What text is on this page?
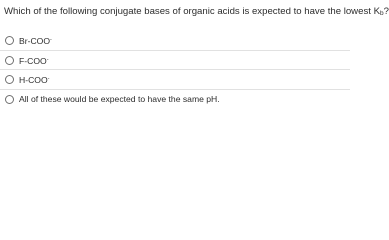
Which of the following conjugate bases of organic acids is expected to have the lowest $K_b$?
Br-COO-
F-COO-
H-COO-
All of these would be expected to have the same pH.
